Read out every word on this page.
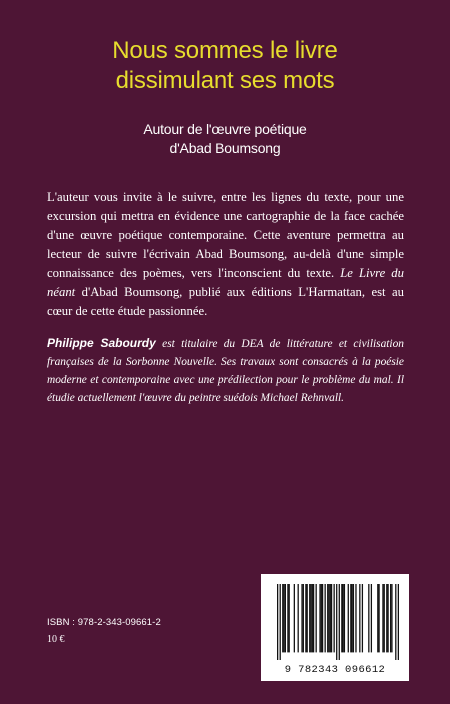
Nous sommes le livre
dissimulant ses mots
Autour de l'œuvre poétique
d'Abad Boumsong

L'auteur vous invite à le suivre, entre les lignes du texte, pour une excursion qui mettra en évidence une cartographie de la face cachée d'une œuvre poétique contemporaine. Cette aventure permettra au lecteur de suivre l'écrivain Abad Boumsong, au-delà d'une simple connaissance des poèmes, vers l'inconscient du texte. Le Livre du néant d'Abad Boumsong, publié aux éditions L'Harmattan, est au cœur de cette étude passionnée.

Philippe Sabourdy est titulaire du DEA de littérature et civilisation françaises de la Sorbonne Nouvelle. Ses travaux sont consacrés à la poésie moderne et contemporaine avec une prédilection pour le problème du mal. Il étudie actuellement l'œuvre du peintre suédois Michael Rehnvall.

ISBN : 978-2-343-09661-2
10 €
9 782343 096612
